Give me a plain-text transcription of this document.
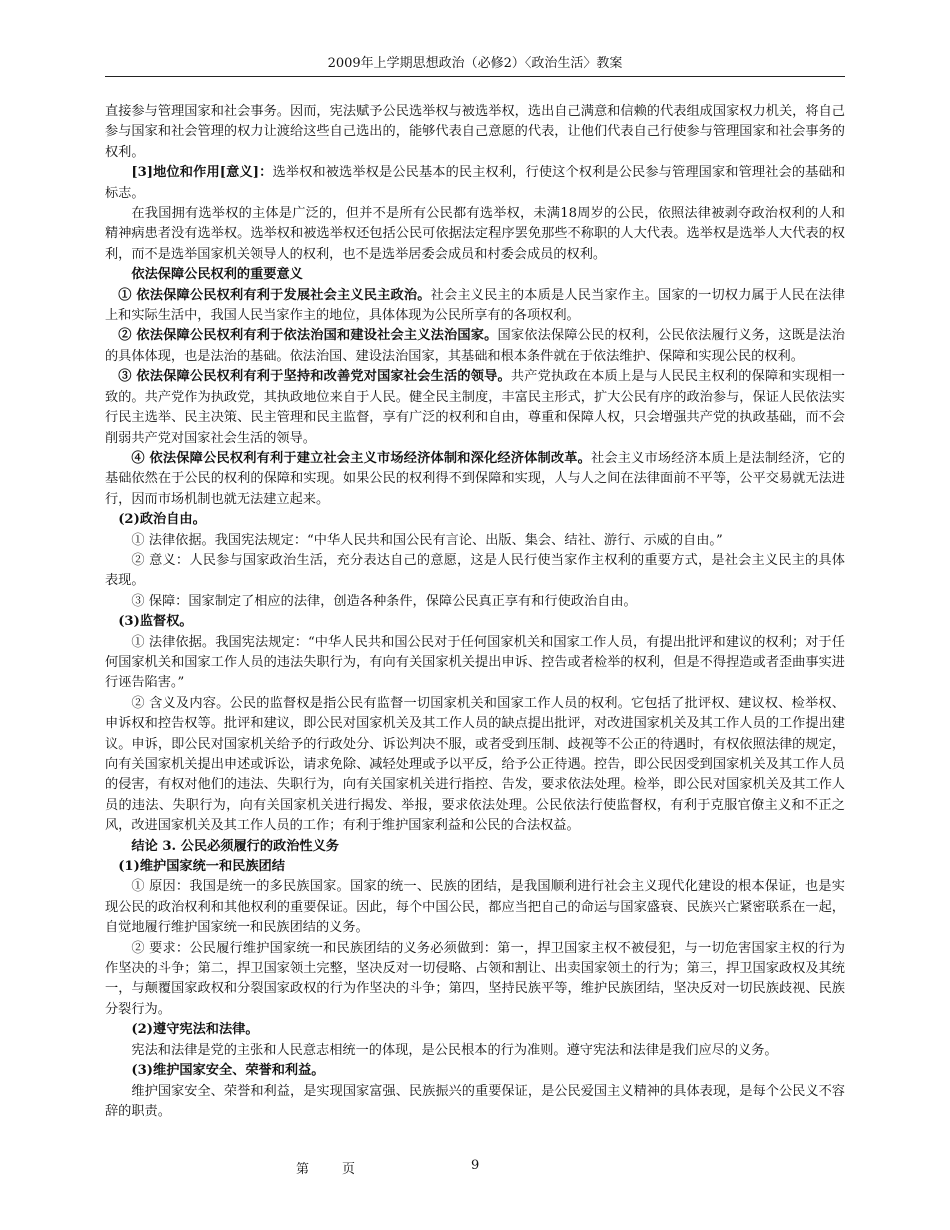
2009年上学期思想政治（必修2）〈政治生活〉教案

直接参与管理国家和社会事务。因而，宪法赋予公民选举权与被选举权，选出自己满意和信赖的代表组成国家权力机关，将自己参与国家和社会管理的权力让渡给这些自己选出的，能够代表自己意愿的代表，让他们代表自己行使参与管理国家和社会事务的权利。

[3]地位和作用[意义]：选举权和被选举权是公民基本的民主权利，行使这个权利是公民参与管理国家和管理社会的基础和标志。

在我国拥有选举权的主体是广泛的，但并不是所有公民都有选举权，未满18周岁的公民，依照法律被剥夺政治权利的人和精神病患者没有选举权。选举权和被选举权还包括公民可依据法定程序罢免那些不称职的人大代表。选举权是选举人大代表的权利，而不是选举国家机关领导人的权利，也不是选举居委会成员和村委会成员的权利。

依法保障公民权利的重要意义

① 依法保障公民权利有利于发展社会主义民主政治。社会主义民主的本质是人民当家作主。国家的一切权力属于人民在法律上和实际生活中，我国人民当家作主的地位，具体体现为公民所享有的各项权利。

② 依法保障公民权利有利于依法治国和建设社会主义法治国家。国家依法保障公民的权利，公民依法履行义务，这既是法治的具体体现，也是法治的基础。依法治国、建设法治国家，其基础和根本条件就在于依法维护、保障和实现公民的权利。

③ 依法保障公民权利有利于坚持和改善党对国家社会生活的领导。共产党执政在本质上是与人民民主权利的保障和实现相一致的。共产党作为执政党，其执政地位来自于人民。健全民主制度，丰富民主形式，扩大公民有序的政治参与，保证人民依法实行民主选举、民主决策、民主管理和民主监督，享有广泛的权利和自由，尊重和保障人权，只会增强共产党的执政基础，而不会削弱共产党对国家社会生活的领导。

④ 依法保障公民权利有利于建立社会主义市场经济体制和深化经济体制改革。社会主义市场经济本质上是法制经济，它的基础依然在于公民的权利的保障和实现。如果公民的权利得不到保障和实现，人与人之间在法律面前不平等，公平交易就无法进行，因而市场机制也就无法建立起来。

(2)政治自由。

① 法律依据。我国宪法规定：“中华人民共和国公民有言论、出版、集会、结社、游行、示威的自由。”

② 意义：人民参与国家政治生活，充分表达自己的意愿，这是人民行使当家作主权利的重要方式，是社会主义民主的具体表现。

③ 保障：国家制定了相应的法律，创造各种条件，保障公民真正享有和行使政治自由。

(3)监督权。

① 法律依据。我国宪法规定：“中华人民共和国公民对于任何国家机关和国家工作人员，有提出批评和建议的权利；对于任何国家机关和国家工作人员的违法失职行为，有向有关国家机关提出申诉、控告或者检举的权利，但是不得捏造或者歪曲事实进行诬告陷害。”

② 含义及内容。公民的监督权是指公民有监督一切国家机关和国家工作人员的权利。它包括了批评权、建议权、检举权、申诉权和控告权等。批评和建议，即公民对国家机关及其工作人员的缺点提出批评，对改进国家机关及其工作人员的工作提出建议。申诉，即公民对国家机关给予的行政处分、诉讼判决不服，或者受到压制、歧视等不公正的待遇时，有权依照法律的规定，向有关国家机关提出申述或诉讼，请求免除、减轻处理或予以平反，给予公正待遇。控告，即公民因受到国家机关及其工作人员的侵害，有权对他们的违法、失职行为，向有关国家机关进行指控、告发，要求依法处理。检举，即公民对国家机关及其工作人员的违法、失职行为，向有关国家机关进行揭发、举报，要求依法处理。公民依法行使监督权，有利于克服官僚主义和不正之风，改进国家机关及其工作人员的工作；有利于维护国家利益和公民的合法权益。

结论 3. 公民必须履行的政治性义务

(1)维护国家统一和民族团结

① 原因：我国是统一的多民族国家。国家的统一、民族的团结，是我国顺利进行社会主义现代化建设的根本保证，也是实现公民的政治权利和其他权利的重要保证。因此，每个中国公民，都应当把自己的命运与国家盛衰、民族兴亡紧密联系在一起，自觉地履行维护国家统一和民族团结的义务。

② 要求：公民履行维护国家统一和民族团结的义务必须做到：第一，捍卫国家主权不被侵犯，与一切危害国家主权的行为作坚决的斗争；第二，捍卫国家领土完整，坚决反对一切侵略、占领和割让、出卖国家领土的行为；第三，捍卫国家政权及其统一，与颠覆国家政权和分裂国家政权的行为作坚决的斗争；第四，坚持民族平等，维护民族团结，坚决反对一切民族歧视、民族分裂行为。

(2)遵守宪法和法律。

宪法和法律是党的主张和人民意志相统一的体现，是公民根本的行为准则。遵守宪法和法律是我们应尽的义务。

(3)维护国家安全、荣誉和利益。

维护国家安全、荣誉和利益，是实现国家富强、民族振兴的重要保证，是公民爱国主义精神的具体表现，是每个公民义不容辞的职责。

第	页	9
